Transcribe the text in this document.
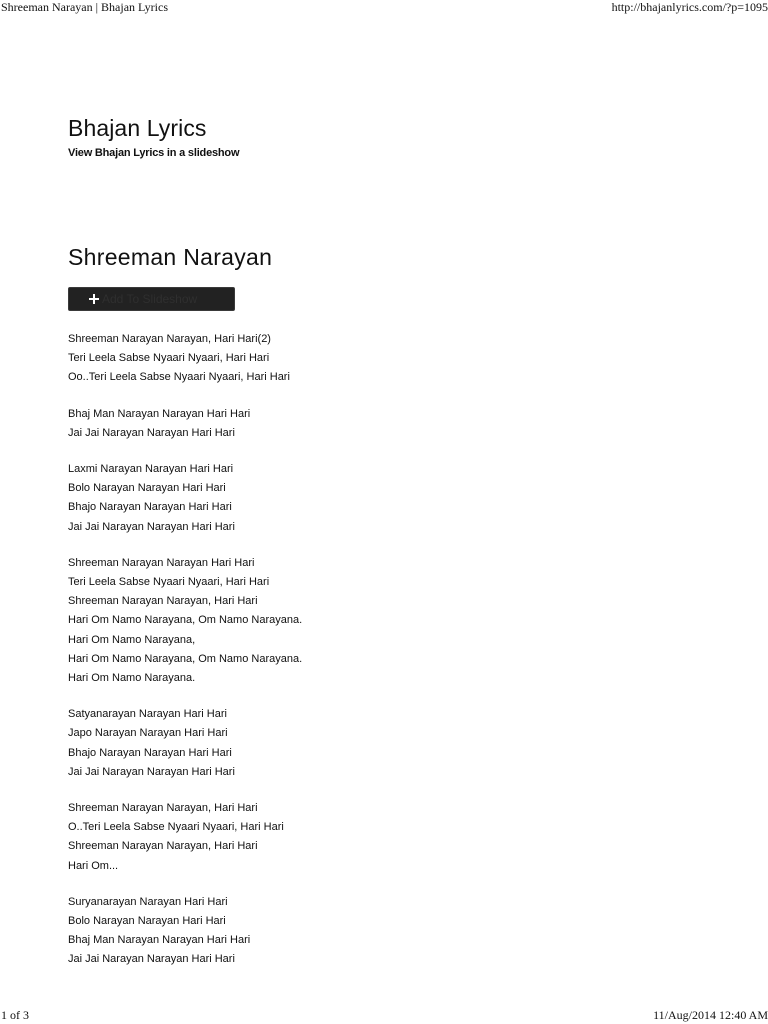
Shreeman Narayan | Bhajan Lyrics	http://bhajanlyrics.com/?p=1095
Bhajan Lyrics

View Bhajan Lyrics in a slideshow

Shreeman Narayan
Add To Slideshow

Shreeman Narayan Narayan, Hari Hari(2)
Teri Leela Sabse Nyaari Nyaari, Hari Hari
Oo..Teri Leela Sabse Nyaari Nyaari, Hari Hari

Bhaj Man Narayan Narayan Hari Hari
Jai Jai Narayan Narayan Hari Hari

Laxmi Narayan Narayan Hari Hari
Bolo Narayan Narayan Hari Hari
Bhajo Narayan Narayan Hari Hari
Jai Jai Narayan Narayan Hari Hari

Shreeman Narayan Narayan Hari Hari
Teri Leela Sabse Nyaari Nyaari, Hari Hari
Shreeman Narayan Narayan, Hari Hari
Hari Om Namo Narayana, Om Namo Narayana.
Hari Om Namo Narayana,
Hari Om Namo Narayana, Om Namo Narayana.
Hari Om Namo Narayana.

Satyanarayan Narayan Hari Hari
Japo Narayan Narayan Hari Hari
Bhajo Narayan Narayan Hari Hari
Jai Jai Narayan Narayan Hari Hari

Shreeman Narayan Narayan, Hari Hari
O..Teri Leela Sabse Nyaari Nyaari, Hari Hari
Shreeman Narayan Narayan, Hari Hari
Hari Om...

Suryanarayan Narayan Hari Hari
Bolo Narayan Narayan Hari Hari
Bhaj Man Narayan Narayan Hari Hari
Jai Jai Narayan Narayan Hari Hari

1 of 3	11/Aug/2014 12:40 AM
